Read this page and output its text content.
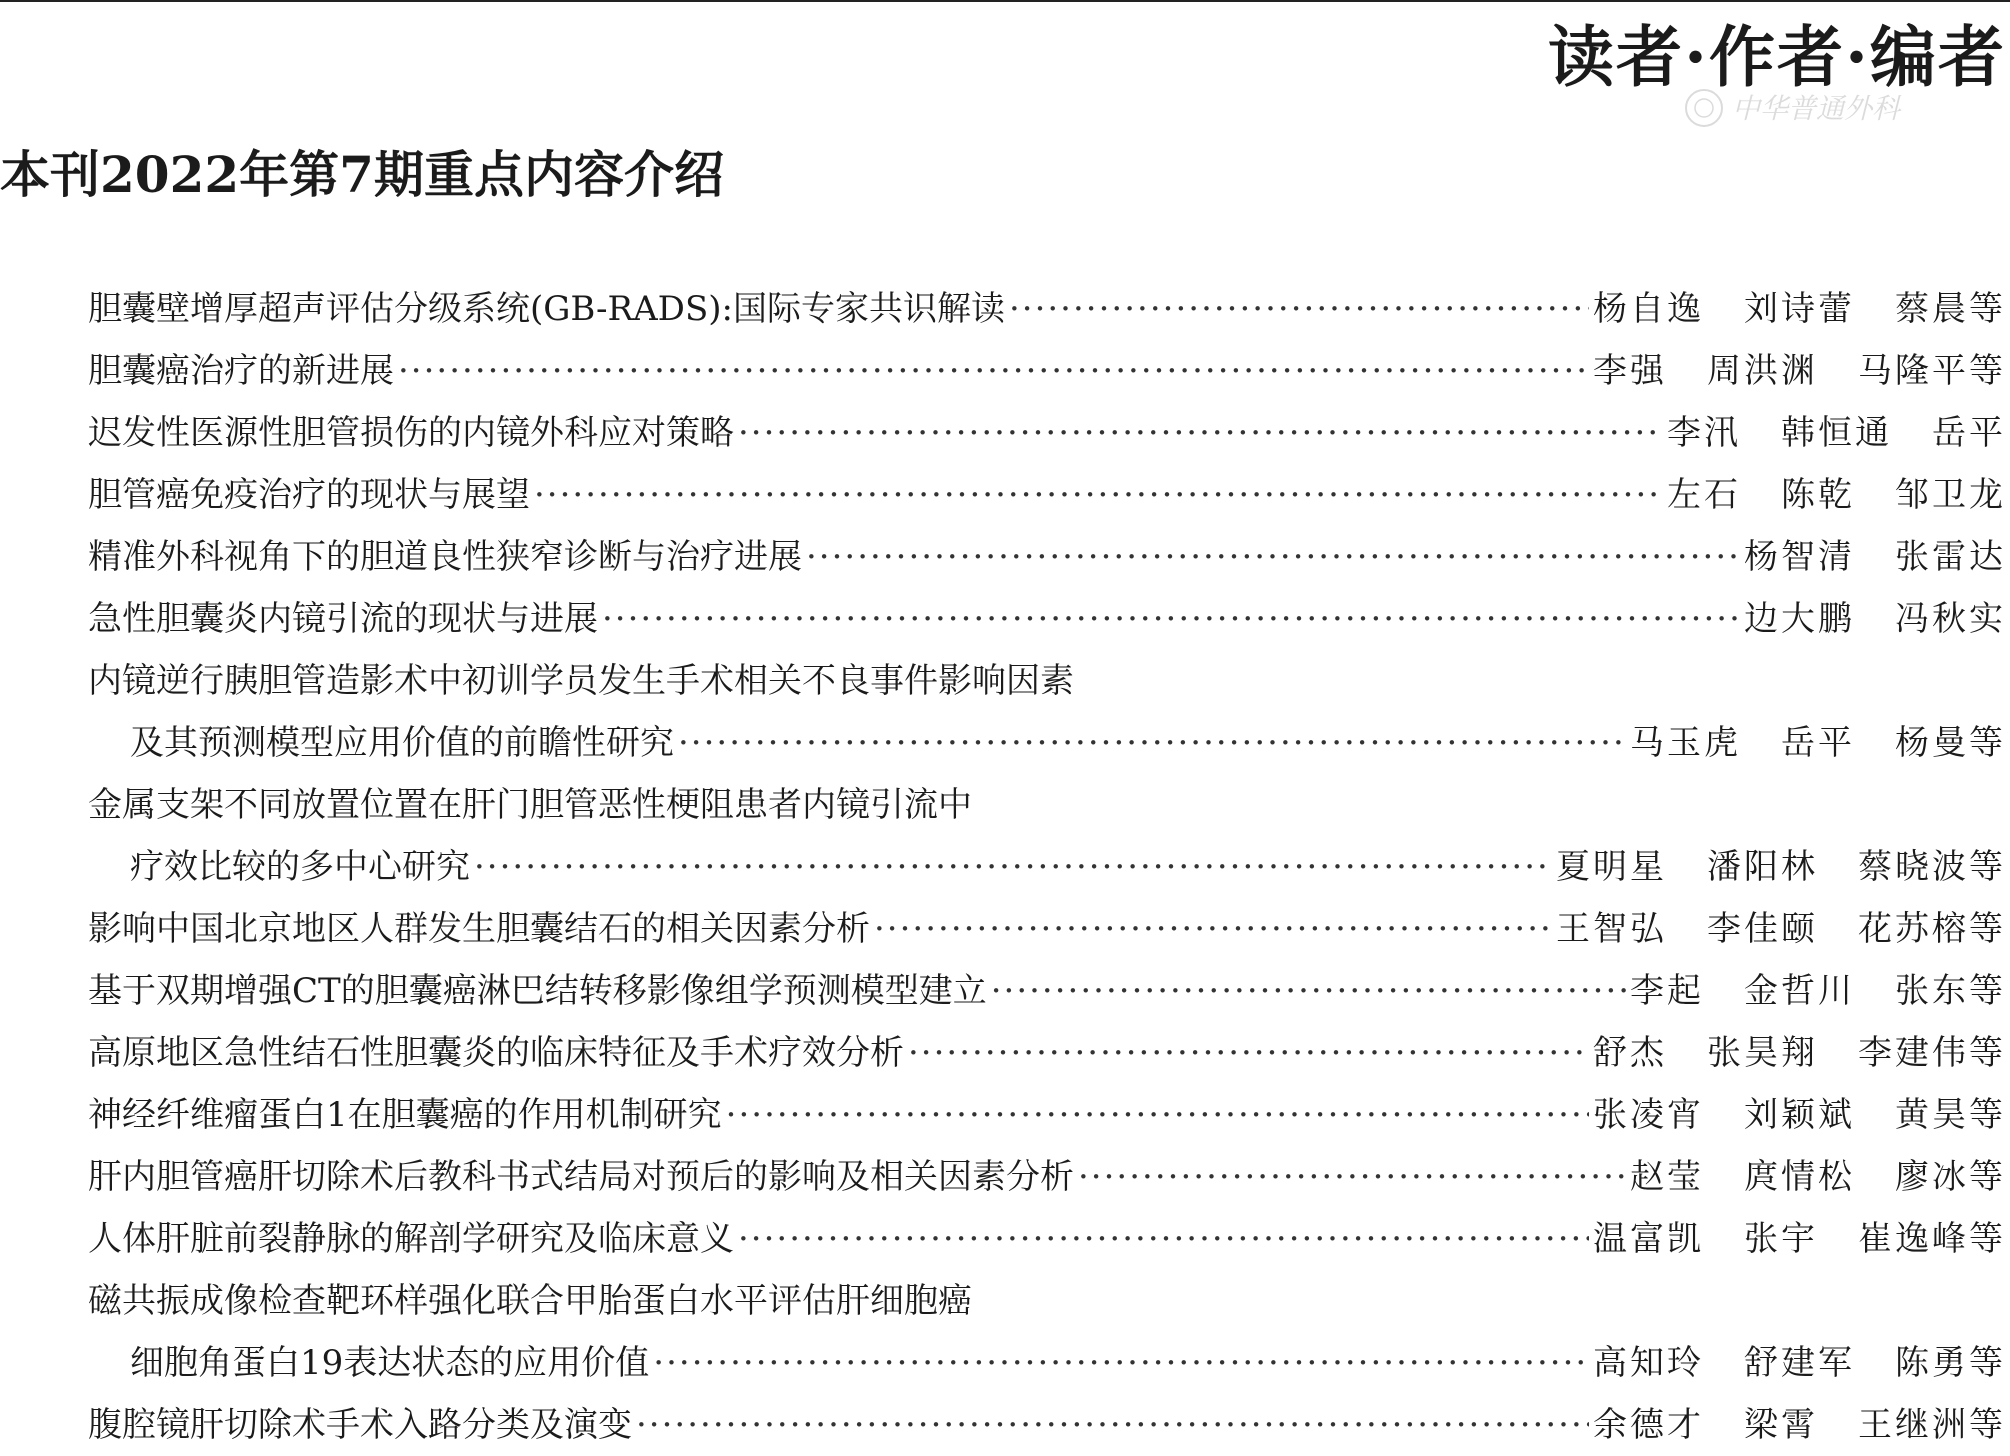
读者·作者·编者
中华普通外科
本刊2022年第7期重点内容介绍
胆囊壁增厚超声评估分级系统(GB-RADS):国际专家共识解读 ·····	杨自逸 刘诗蕾 蔡晨等
胆囊癌治疗的新进展 ·····	李强 周洪渊 马隆平等
迟发性医源性胆管损伤的内镜外科应对策略 ·····	李汛 韩恒通 岳平
胆管癌免疫治疗的现状与展望 ·····	左石 陈乾 邹卫龙
精准外科视角下的胆道良性狭窄诊断与治疗进展 ·····	杨智清 张雷达
急性胆囊炎内镜引流的现状与进展 ·····	边大鹏 冯秋实
内镜逆行胰胆管造影术中初训学员发生手术相关不良事件影响因素
及其预测模型应用价值的前瞻性研究 ·····	马玉虎 岳平 杨曼等
金属支架不同放置位置在肝门胆管恶性梗阻患者内镜引流中
疗效比较的多中心研究 ·····	夏明星 潘阳林 蔡晓波等
影响中国北京地区人群发生胆囊结石的相关因素分析 ·····	王智弘 李佳颐 花苏榕等
基于双期增强CT的胆囊癌淋巴结转移影像组学预测模型建立 ·····	李起 金哲川 张东等
高原地区急性结石性胆囊炎的临床特征及手术疗效分析 ·····	舒杰 张昊翔 李建伟等
神经纤维瘤蛋白1在胆囊癌的作用机制研究 ·····	张凌宵 刘颖斌 黄昊等
肝内胆管癌肝切除术后教科书式结局对预后的影响及相关因素分析 ·····	赵莹 庹情松 廖冰等
人体肝脏前裂静脉的解剖学研究及临床意义 ·····	温富凯 张宇 崔逸峰等
磁共振成像检查靶环样强化联合甲胎蛋白水平评估肝细胞癌
细胞角蛋白19表达状态的应用价值 ·····	高知玲 舒建军 陈勇等
腹腔镜肝切除术手术入路分类及演变 ·····	余德才 梁霄 王继洲等
